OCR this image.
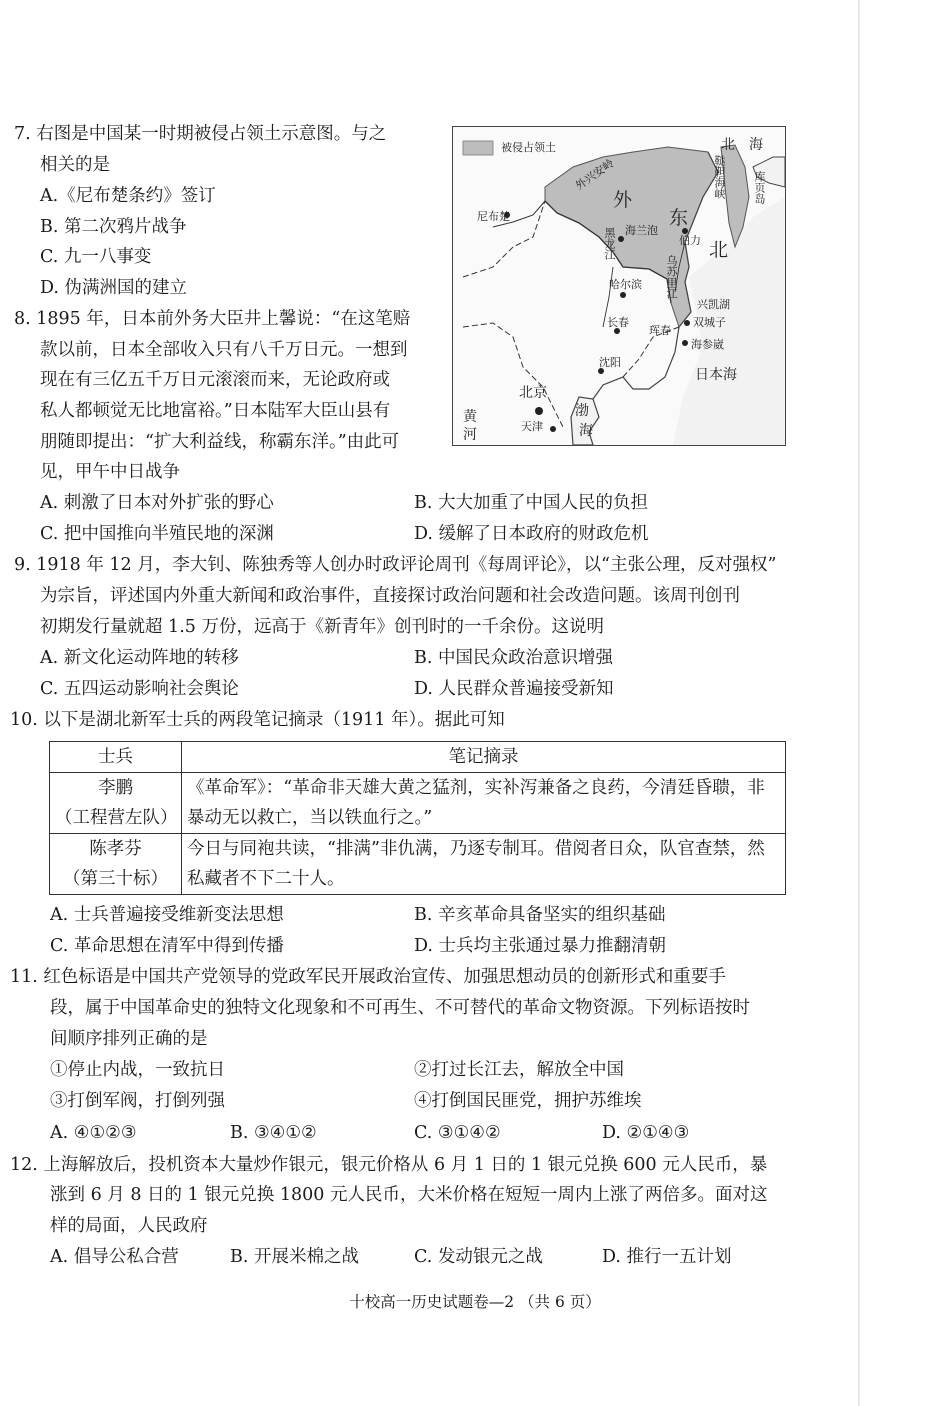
7. 右图是中国某一时期被侵占领土示意图。与之
相关的是
A.《尼布楚条约》签订
B. 第二次鸦片战争
C. 九一八事变
D. 伪满洲国的建立
被侵占领土	北　海
鞑靼海峡 库页岛
外兴安岭
外
东
北
尼布楚
黑龙江 海兰泡
伯力
乌苏里江
哈尔滨
长春
珲春
双城子
兴凯湖
海参崴
日本海
沈阳
北京
天津
渤
海
黄
河
8. 1895 年，日本前外务大臣井上馨说：“在这笔赔
款以前，日本全部收入只有八千万日元。一想到
现在有三亿五千万日元滚滚而来，无论政府或
私人都顿觉无比地富裕。”日本陆军大臣山县有
朋随即提出：“扩大利益线，称霸东洋。”由此可
见，甲午中日战争
A. 刺激了日本对外扩张的野心	B. 大大加重了中国人民的负担
C. 把中国推向半殖民地的深渊	D. 缓解了日本政府的财政危机
9. 1918 年 12 月，李大钊、陈独秀等人创办时政评论周刊《每周评论》，以“主张公理，反对强权”
为宗旨，评述国内外重大新闻和政治事件，直接探讨政治问题和社会改造问题。该周刊创刊
初期发行量就超 1.5 万份，远高于《新青年》创刊时的一千余份。这说明
A. 新文化运动阵地的转移	B. 中国民众政治意识增强
C. 五四运动影响社会舆论	D. 人民群众普遍接受新知
10. 以下是湖北新军士兵的两段笔记摘录（1911 年）。据此可知
士兵	笔记摘录

李鹏
（工程营左队）	《革命军》：“革命非天雄大黄之猛剂，实补泻兼备之良药，今清廷昏聩，非暴动无以救亡，当以铁血行之。”

陈孝芬
（第三十标）	今日与同袍共读，“排满”非仇满，乃逐专制耳。借阅者日众，队官查禁，然私藏者不下二十人。
A. 士兵普遍接受维新变法思想	B. 辛亥革命具备坚实的组织基础
C. 革命思想在清军中得到传播	D. 士兵均主张通过暴力推翻清朝
11. 红色标语是中国共产党领导的党政军民开展政治宣传、加强思想动员的创新形式和重要手
段，属于中国革命史的独特文化现象和不可再生、不可替代的革命文物资源。下列标语按时
间顺序排列正确的是
①停止内战，一致抗日	②打过长江去，解放全中国
③打倒军阀，打倒列强	④打倒国民匪党，拥护苏维埃
A. ④①②③	B. ③④①②	C. ③①④②	D. ②①④③
12. 上海解放后，投机资本大量炒作银元，银元价格从 6 月 1 日的 1 银元兑换 600 元人民币，暴
涨到 6 月 8 日的 1 银元兑换 1800 元人民币，大米价格在短短一周内上涨了两倍多。面对这
样的局面，人民政府
A. 倡导公私合营	B. 开展米棉之战	C. 发动银元之战	D. 推行一五计划
十校高一历史试题卷—2 （共 6 页）
